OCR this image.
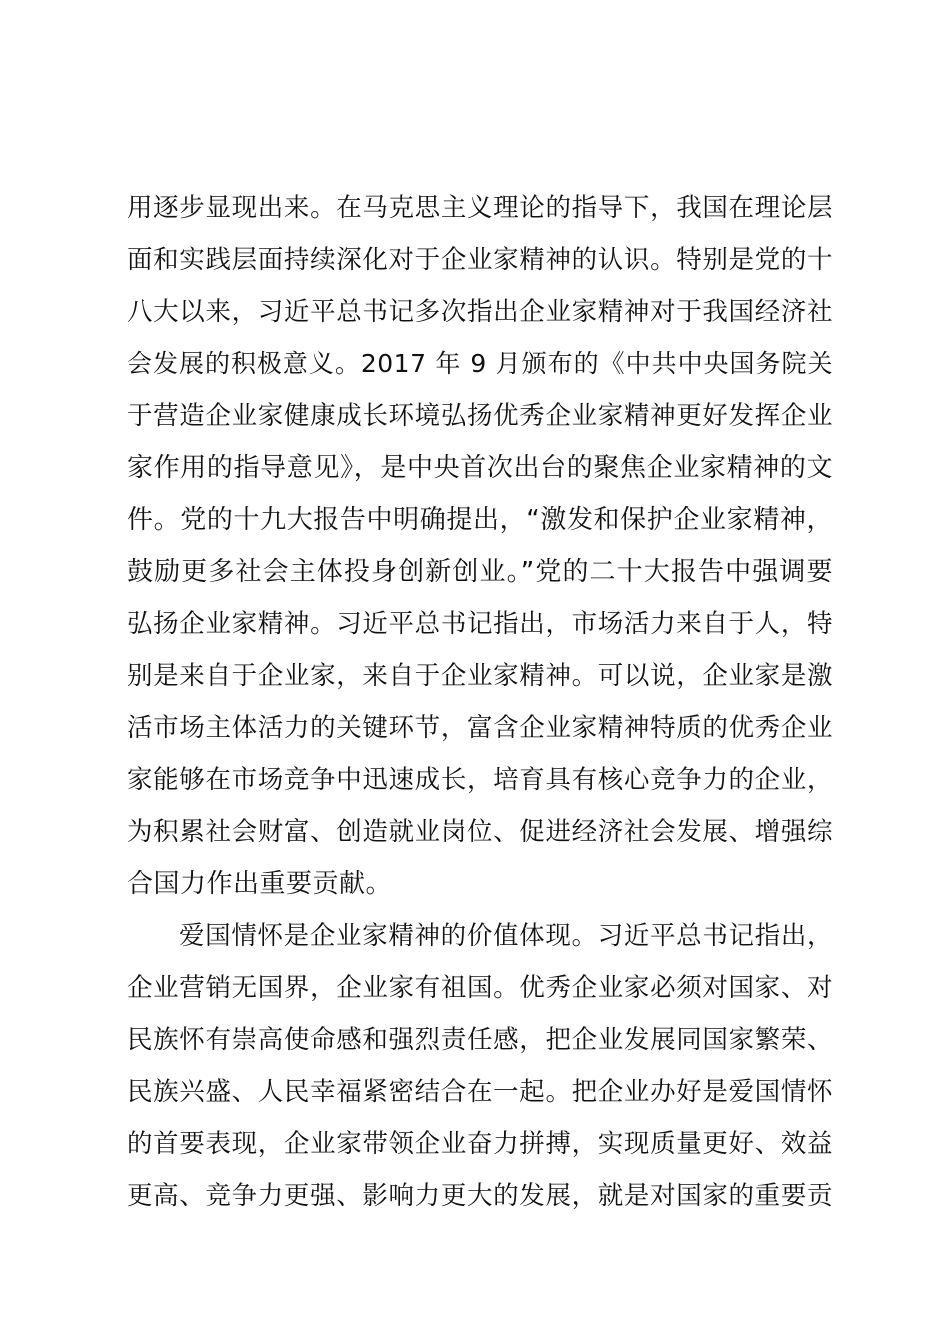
用逐步显现出来。在马克思主义理论的指导下，我国在理论层
面和实践层面持续深化对于企业家精神的认识。特别是党的十
八大以来，习近平总书记多次指出企业家精神对于我国经济社
会发展的积极意义。2017 年 9 月颁布的《中共中央国务院关
于营造企业家健康成长环境弘扬优秀企业家精神更好发挥企业
家作用的指导意见》，是中央首次出台的聚焦企业家精神的文
件。党的十九大报告中明确提出，“激发和保护企业家精神，
鼓励更多社会主体投身创新创业。”党的二十大报告中强调要
弘扬企业家精神。习近平总书记指出，市场活力来自于人，特
别是来自于企业家，来自于企业家精神。可以说，企业家是激
活市场主体活力的关键环节，富含企业家精神特质的优秀企业
家能够在市场竞争中迅速成长，培育具有核心竞争力的企业，
为积累社会财富、创造就业岗位、促进经济社会发展、增强综
合国力作出重要贡献。
爱国情怀是企业家精神的价值体现。习近平总书记指出，
企业营销无国界，企业家有祖国。优秀企业家必须对国家、对
民族怀有崇高使命感和强烈责任感，把企业发展同国家繁荣、
民族兴盛、人民幸福紧密结合在一起。把企业办好是爱国情怀
的首要表现，企业家带领企业奋力拼搏，实现质量更好、效益
更高、竞争力更强、影响力更大的发展，就是对国家的重要贡
